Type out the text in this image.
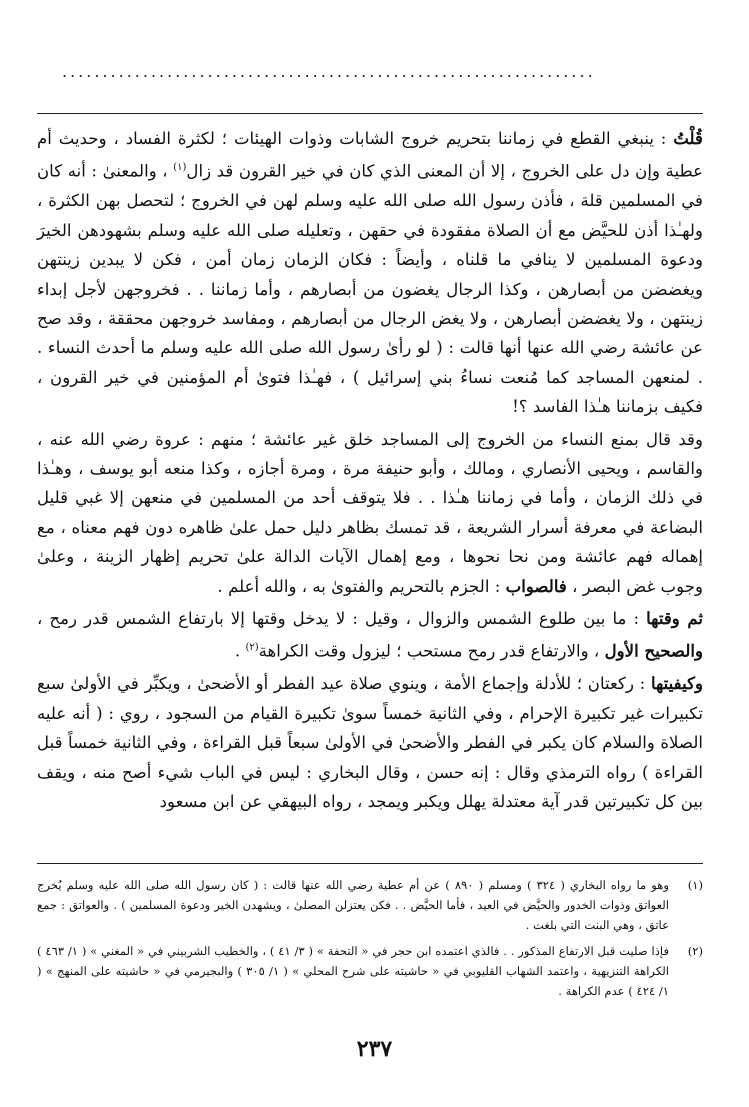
..................................................................

قُلْتُ : ينبغي القطع في زماننا بتحريم خروج الشابات وذوات الهيئات ؛ لكثرة الفساد ، وحديث أم عطية وإن دل على الخروج ، إلا أن المعنى الذي كان في خير القرون قد زال$^{(١)}$ ، والمعنىٰ : أنه كان في المسلمين قلة ، فأذن رسول الله صلى الله عليه وسلم لهن في الخروج ؛ لتحصل بهن الكثرة ، ولهـٰذا أذن للحيَّض مع أن الصلاة مفقودة في حقهن ، وتعليله صلى الله عليه وسلم بشهودهن الخيرَ ودعوة المسلمين لا ينافي ما قلناه ، وأيضاً : فكان الزمان زمان أمن ، فكن لا يبدين زينتهن ويغضضن من أبصارهن ، وكذا الرجال يغضون من أبصارهم ، وأما زماننا . . فخروجهن لأجل إبداء زينتهن ، ولا يغضضن أبصارهن ، ولا يغض الرجال من أبصارهم ، ومفاسد خروجهن محققة ، وقد صح عن عائشة رضي الله عنها أنها قالت : ( لو رأىٰ رسول الله صلى الله عليه وسلم ما أحدث النساء . . لمنعهن المساجد كما مُنعت نساءُ بني إسرائيل ) ، فهـٰذا فتوىٰ أم المؤمنين في خير القرون ، فكيف بزماننا هـٰذا الفاسد ؟!

وقد قال بمنع النساء من الخروج إلى المساجد خلق غير عائشة ؛ منهم : عروة رضي الله عنه ، والقاسم ، ويحيى الأنصاري ، ومالك ، وأبو حنيفة مرة ، ومرة أجازه ، وكذا منعه أبو يوسف ، وهـٰذا في ذلك الزمان ، وأما في زماننا هـٰذا . . فلا يتوقف أحد من المسلمين في منعهن إلا غبي قليل البضاعة في معرفة أسرار الشريعة ، قد تمسك بظاهر دليل حمل علىٰ ظاهره دون فهم معناه ، مع إهماله فهم عائشة ومن نحا نحوها ، ومع إهمال الآيات الدالة علىٰ تحريم إظهار الزينة ، وعلىٰ وجوب غض البصر ، فالصواب : الجزم بالتحريم والفتوىٰ به ، والله أعلم .

ثم وقتها : ما بين طلوع الشمس والزوال ، وقيل : لا يدخل وقتها إلا بارتفاع الشمس قدر رمح ، والصحيح الأول ، والارتفاع قدر رمح مستحب ؛ ليزول وقت الكراهة$^{(٢)}$ .

وكيفيتها : ركعتان ؛ للأدلة وإجماع الأمة ، وينوي صلاة عيد الفطر أو الأضحىٰ ، ويكبِّر في الأولىٰ سبع تكبيرات غير تكبيرة الإحرام ، وفي الثانية خمساً سوىٰ تكبيرة القيام من السجود ، روي : ( أنه عليه الصلاة والسلام كان يكبر في الفطر والأضحىٰ في الأولىٰ سبعاً قبل القراءة ، وفي الثانية خمساً قبل القراءة ) رواه الترمذي وقال : إنه حسن ، وقال البخاري : ليس في الباب شيء أصح منه ، ويقف بين كل تكبيرتين قدر آية معتدلة يهلل ويكبر ويمجد ، رواه البيهقي عن ابن مسعود

(١)
وهو ما رواه البخاري ( ٣٢٤ ) ومسلم ( ٨٩٠ ) عن أم عطية رضي الله عنها قالت : ( كان رسول الله صلى الله عليه وسلم يُخرج العواتق وذوات الخدور والحيَّض في العيد ، فأما الحيَّض . . فكن يعتزلن المصلىٰ ، ويشهدن الخير ودعوة المسلمين ) . والعواتق : جمع عاتق ، وهي البنت التي بلغت .
(٢)
فإذا صليت قبل الارتفاع المذكور . . فالذي اعتمده ابن حجر في « التحفة » ( ٣/ ٤١ ) ، والخطيب الشربيني في « المغني » ( ١/ ٤٦٣ ) الكراهة التنزيهية ، واعتمد الشهاب القليوبي في « حاشيته على شرح المحلي » ( ١/ ٣٠٥ ) والبجيرمي في « حاشيته على المنهج » ( ١/ ٤٢٤ ) عدم الكراهة .
٢٣٧
